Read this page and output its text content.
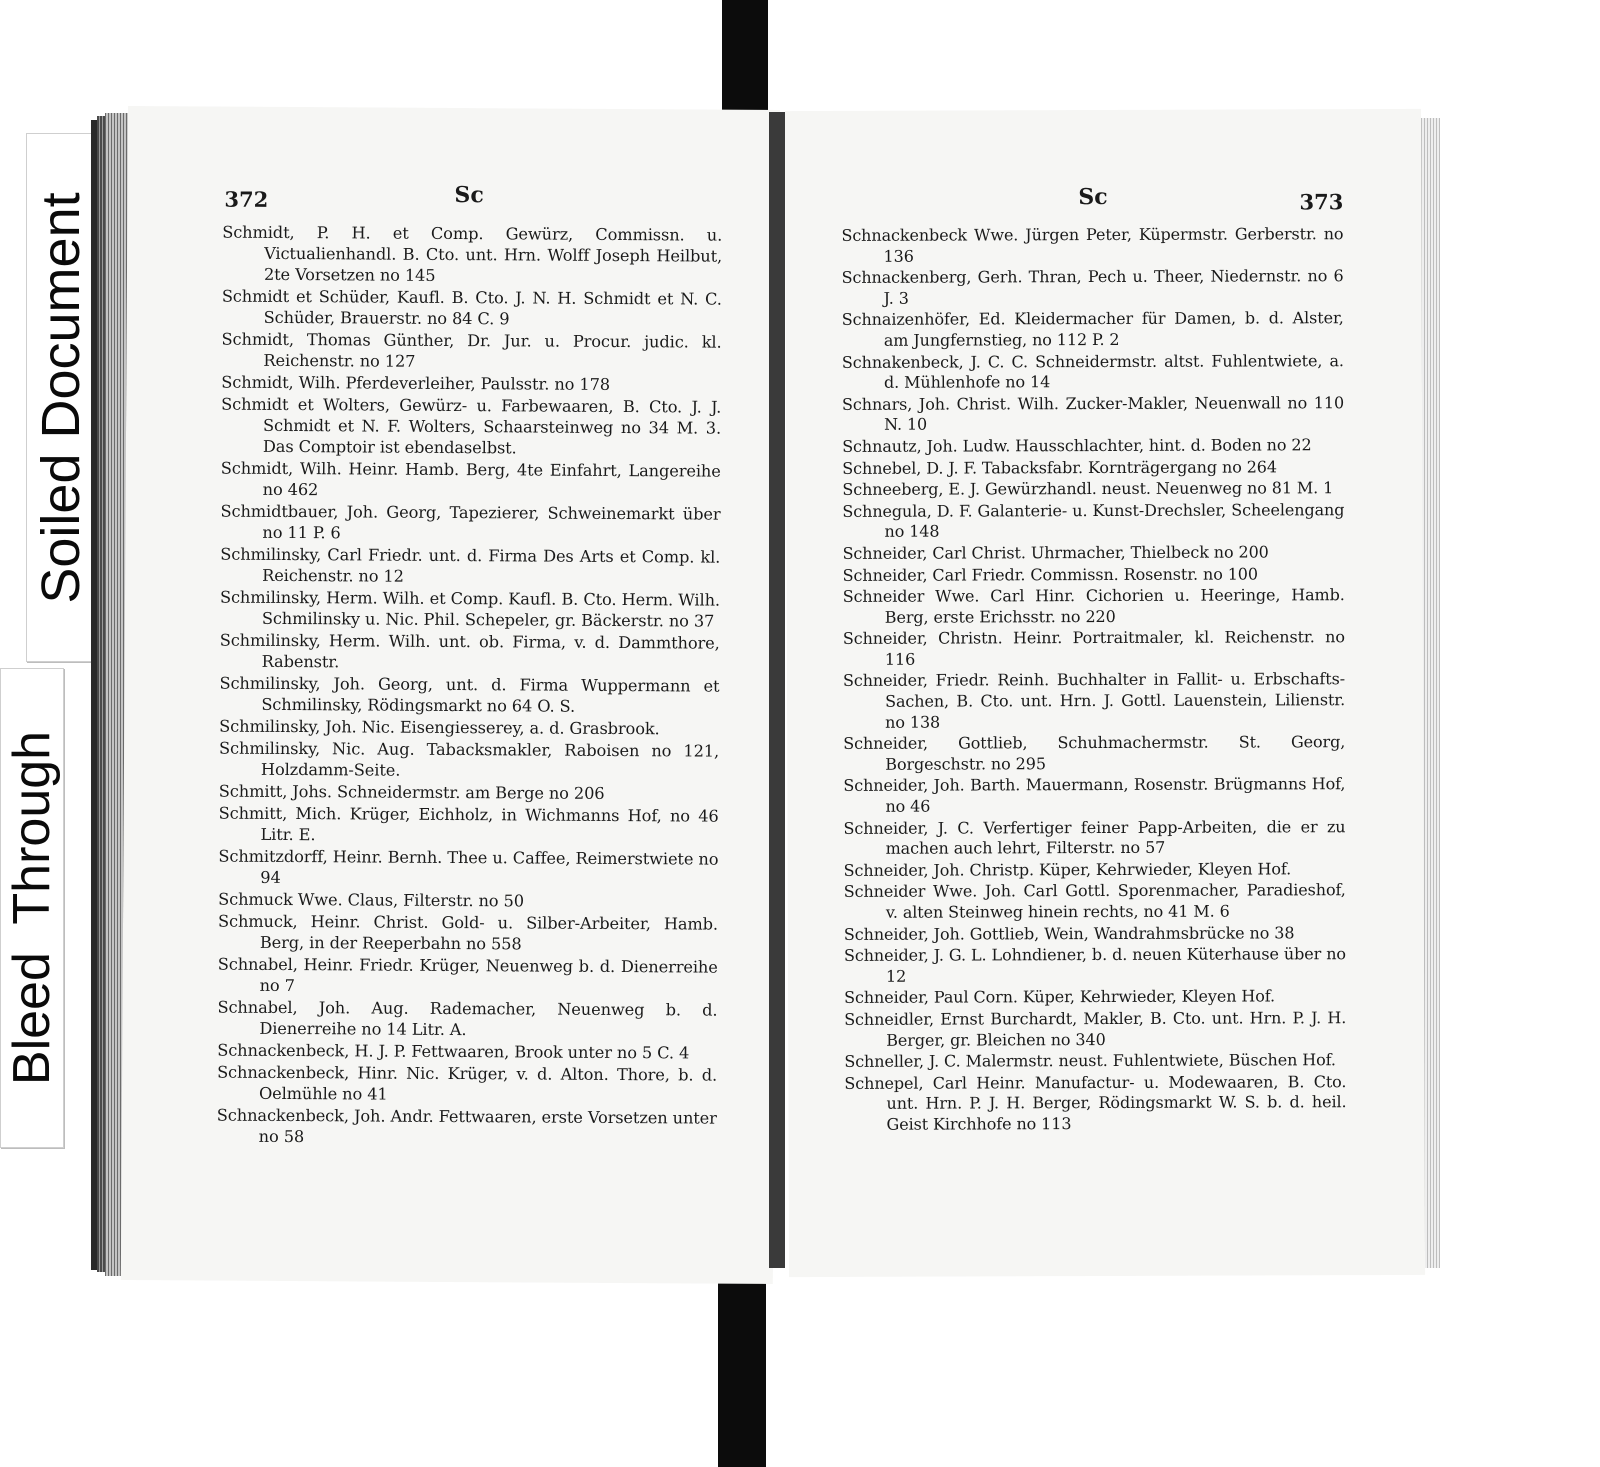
Soiled Document
Bleed Through
372	Sc
Schmidt, P. H. et Comp. Gewürz, Commissn. u. Victualienhandl. B. Cto. unt. Hrn. Wolff Joseph Heilbut, 2te Vorsetzen no 145
Schmidt et Schüder, Kaufl. B. Cto. J. N. H. Schmidt et N. C. Schüder, Brauerstr. no 84 C. 9
Schmidt, Thomas Günther, Dr. Jur. u. Procur. judic. kl. Reichenstr. no 127
Schmidt, Wilh. Pferdeverleiher, Paulsstr. no 178
Schmidt et Wolters, Gewürz- u. Farbewaaren, B. Cto. J. J. Schmidt et N. F. Wolters, Schaarsteinweg no 34 M. 3. Das Comptoir ist ebendaselbst.
Schmidt, Wilh. Heinr. Hamb. Berg, 4te Einfahrt, Langereihe no 462
Schmidtbauer, Joh. Georg, Tapezierer, Schweinemarkt über no 11 P. 6
Schmilinsky, Carl Friedr. unt. d. Firma Des Arts et Comp. kl. Reichenstr. no 12
Schmilinsky, Herm. Wilh. et Comp. Kaufl. B. Cto. Herm. Wilh. Schmilinsky u. Nic. Phil. Schepeler, gr. Bäckerstr. no 37
Schmilinsky, Herm. Wilh. unt. ob. Firma, v. d. Dammthore, Rabenstr.
Schmilinsky, Joh. Georg, unt. d. Firma Wuppermann et Schmilinsky, Rödingsmarkt no 64 O. S.
Schmilinsky, Joh. Nic. Eisengiesserey, a. d. Grasbrook.
Schmilinsky, Nic. Aug. Tabacksmakler, Raboisen no 121, Holzdamm-Seite.
Schmitt, Johs. Schneidermstr. am Berge no 206
Schmitt, Mich. Krüger, Eichholz, in Wichmanns Hof, no 46 Litr. E.
Schmitzdorff, Heinr. Bernh. Thee u. Caffee, Reimerstwiete no 94
Schmuck Wwe. Claus, Filterstr. no 50
Schmuck, Heinr. Christ. Gold- u. Silber-Arbeiter, Hamb. Berg, in der Reeperbahn no 558
Schnabel, Heinr. Friedr. Krüger, Neuenweg b. d. Dienerreihe no 7
Schnabel, Joh. Aug. Rademacher, Neuenweg b. d. Dienerreihe no 14 Litr. A.
Schnackenbeck, H. J. P. Fettwaaren, Brook unter no 5 C. 4
Schnackenbeck, Hinr. Nic. Krüger, v. d. Alton. Thore, b. d. Oelmühle no 41
Schnackenbeck, Joh. Andr. Fettwaaren, erste Vorsetzen unter no 58
Sc	373
Schnackenbeck Wwe. Jürgen Peter, Küpermstr. Gerberstr. no 136
Schnackenberg, Gerh. Thran, Pech u. Theer, Niedernstr. no 6 J. 3
Schnaizenhöfer, Ed. Kleidermacher für Damen, b. d. Alster, am Jungfernstieg, no 112 P. 2
Schnakenbeck, J. C. C. Schneidermstr. altst. Fuhlentwiete, a. d. Mühlenhofe no 14
Schnars, Joh. Christ. Wilh. Zucker-Makler, Neuenwall no 110 N. 10
Schnautz, Joh. Ludw. Hausschlachter, hint. d. Boden no 22
Schnebel, D. J. F. Tabacksfabr. Kornträgergang no 264
Schneeberg, E. J. Gewürzhandl. neust. Neuenweg no 81 M. 1
Schnegula, D. F. Galanterie- u. Kunst-Drechsler, Scheelengang no 148
Schneider, Carl Christ. Uhrmacher, Thielbeck no 200
Schneider, Carl Friedr. Commissn. Rosenstr. no 100
Schneider Wwe. Carl Hinr. Cichorien u. Heeringe, Hamb. Berg, erste Erichsstr. no 220
Schneider, Christn. Heinr. Portraitmaler, kl. Reichenstr. no 116
Schneider, Friedr. Reinh. Buchhalter in Fallit- u. Erbschafts-Sachen, B. Cto. unt. Hrn. J. Gottl. Lauenstein, Lilienstr. no 138
Schneider, Gottlieb, Schuhmachermstr. St. Georg, Borgeschstr. no 295
Schneider, Joh. Barth. Mauermann, Rosenstr. Brügmanns Hof, no 46
Schneider, J. C. Verfertiger feiner Papp-Arbeiten, die er zu machen auch lehrt, Filterstr. no 57
Schneider, Joh. Christp. Küper, Kehrwieder, Kleyen Hof.
Schneider Wwe. Joh. Carl Gottl. Sporenmacher, Paradieshof, v. alten Steinweg hinein rechts, no 41 M. 6
Schneider, Joh. Gottlieb, Wein, Wandrahmsbrücke no 38
Schneider, J. G. L. Lohndiener, b. d. neuen Küterhause über no 12
Schneider, Paul Corn. Küper, Kehrwieder, Kleyen Hof.
Schneidler, Ernst Burchardt, Makler, B. Cto. unt. Hrn. P. J. H. Berger, gr. Bleichen no 340
Schneller, J. C. Malermstr. neust. Fuhlentwiete, Büschen Hof.
Schnepel, Carl Heinr. Manufactur- u. Modewaaren, B. Cto. unt. Hrn. P. J. H. Berger, Rödingsmarkt W. S. b. d. heil. Geist Kirchhofe no 113
